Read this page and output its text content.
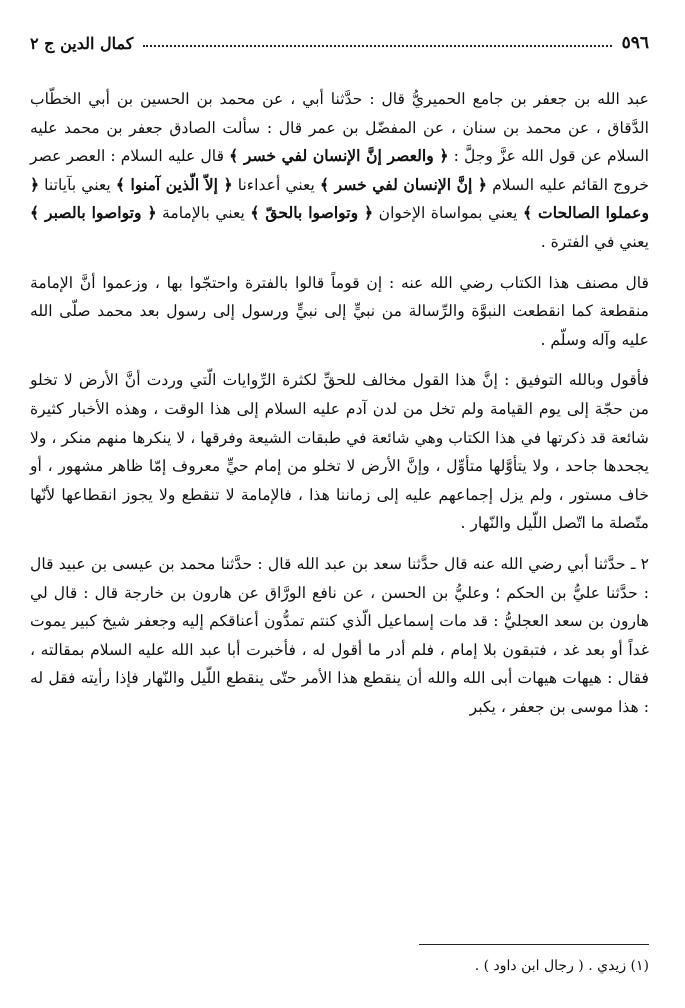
٥٩٦
كمال الدين ج ٢

عبد الله بن جعفر بن جامع الحميريُّ قال : حدَّثنا أبي ، عن محمد بن الحسين بن أبي الخطّاب الدَّقاق ، عن محمد بن سنان ، عن المفضّل بن عمر قال : سألت الصادق جعفر بن محمد عليه السلام عن قول الله عزَّ وجلَّ : ﴿ والعصر إنَّ الإنسان لفي خسر ﴾ قال عليه السلام : العصر عصر خروج القائم عليه السلام ﴿ إنَّ الإنسان لفي خسر ﴾ يعني أعداءنا ﴿ إلاّ الّذين آمنوا ﴾ يعني بآياتنا ﴿ وعملوا الصالحات ﴾ يعني بمواساة الإخوان ﴿ وتواصوا بالحقّ ﴾ يعني بالإمامة ﴿ وتواصوا بالصبر ﴾ يعني في الفترة .

قال مصنف هذا الكتاب رضي الله عنه : إن قوماً قالوا بالفترة واحتجّوا بها ، وزعموا أنَّ الإمامة منقطعة كما انقطعت النبوَّة والرِّسالة من نبيٍّ إلى نبيٍّ ورسول إلى رسول بعد محمد صلّى الله عليه وآله وسلّم .

فأقول وبالله التوفيق : إنَّ هذا القول مخالف للحقِّ لكثرة الرِّوايات الّتي وردت أنَّ الأرض لا تخلو من حجّة إلى يوم القيامة ولم تخل من لدن آدم عليه السلام إلى هذا الوقت ، وهذه الأخبار كثيرة شائعة قد ذكرتها في هذا الكتاب وهي شائعة في طبقات الشيعة وفرقها ، لا ينكرها منهم منكر ، ولا يجحدها جاحد ، ولا يتأوَّلها متأوِّل ، وإنَّ الأرض لا تخلو من إمام حيٍّ معروف إمّا ظاهر مشهور ، أو خاف مستور ، ولم يزل إجماعهم عليه إلى زماننا هذا ، فالإمامة لا تنقطع ولا يجوز انقطاعها لأنّها متّصلة ما اتّصل اللّيل والنّهار .

٢ ـ حدَّثنا أبي رضي الله عنه قال حدَّثنا سعد بن عبد الله قال : حدَّثنا محمد بن عيسى بن عبيد قال : حدَّثنا عليُّ بن الحكم ؛ وعليُّ بن الحسن ، عن نافع الورَّاق عن هارون بن خارجة قال : قال لي هارون بن سعد العجليُّ : قد مات إسماعيل الّذي كنتم تمدُّون أعناقكم إليه وجعفر شيخ كبير يموت غداً أو بعد غد ، فتبقون بلا إمام ، فلم أدر ما أقول له ، فأخبرت أبا عبد الله عليه السلام بمقالته ، فقال : هيهات هيهات أبى الله والله أن ينقطع هذا الأمر حتّى ينقطع اللّيل والنّهار فإذا رأيته فقل له : هذا موسى بن جعفر ، يكبر

(١) زيدي . ( رجال ابن داود ) .
